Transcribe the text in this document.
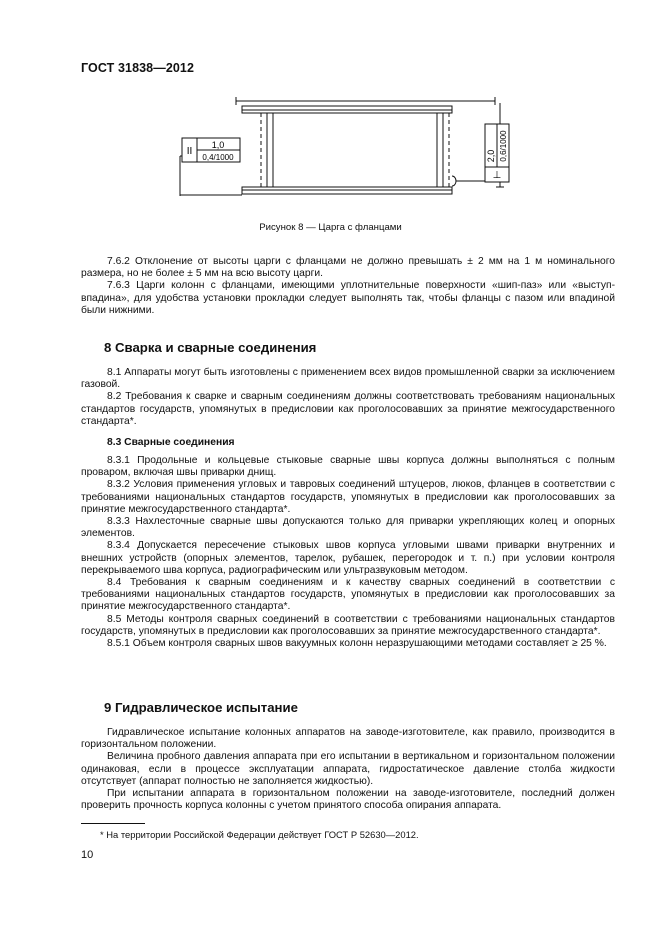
ГОСТ 31838—2012
II
1,0
0,4/1000	2,0 0,6/1000
⊥
Рисунок 8 — Царга с фланцами

7.6.2 Отклонение от высоты царги с фланцами не должно превышать ± 2 мм на 1 м номинального размера, но не более ± 5 мм на всю высоту царги.

7.6.3 Царги колонн с фланцами, имеющими уплотнительные поверхности «шип-паз» или «выступ-впадина», для удобства установки прокладки следует выполнять так, чтобы фланцы с пазом или впадиной были нижними.

8 Сварка и сварные соединения

8.1 Аппараты могут быть изготовлены с применением всех видов промышленной сварки за исключением газовой.

8.2 Требования к сварке и сварным соединениям должны соответствовать требованиям национальных стандартов государств, упомянутых в предисловии как проголосовавших за принятие межгосударственного стандарта*.

8.3 Сварные соединения

8.3.1 Продольные и кольцевые стыковые сварные швы корпуса должны выполняться с полным проваром, включая швы приварки днищ.

8.3.2 Условия применения угловых и тавровых соединений штуцеров, люков, фланцев в соответствии с требованиями национальных стандартов государств, упомянутых в предисловии как проголосовавших за принятие межгосударственного стандарта*.

8.3.3 Нахлесточные сварные швы допускаются только для приварки укрепляющих колец и опорных элементов.

8.3.4 Допускается пересечение стыковых швов корпуса угловыми швами приварки внутренних и внешних устройств (опорных элементов, тарелок, рубашек, перегородок и т. п.) при условии контроля перекрываемого шва корпуса, радиографическим или ультразвуковым методом.

8.4 Требования к сварным соединениям и к качеству сварных соединений в соответствии с требованиями национальных стандартов государств, упомянутых в предисловии как проголосовавших за принятие межгосударственного стандарта*.

8.5 Методы контроля сварных соединений в соответствии с требованиями национальных стандартов государств, упомянутых в предисловии как проголосовавших за принятие межгосударственного стандарта*.

8.5.1 Объем контроля сварных швов вакуумных колонн неразрушающими методами составляет ≥ 25 %.

9 Гидравлическое испытание

Гидравлическое испытание колонных аппаратов на заводе-изготовителе, как правило, производится в горизонтальном положении.

Величина пробного давления аппарата при его испытании в вертикальном и горизонтальном положении одинаковая, если в процессе эксплуатации аппарата, гидростатическое давление столба жидкости отсутствует (аппарат полностью не заполняется жидкостью).

При испытании аппарата в горизонтальном положении на заводе-изготовителе, последний должен проверить прочность корпуса колонны с учетом принятого способа опирания аппарата.

* На территории Российской Федерации действует ГОСТ Р 52630—2012.
10
